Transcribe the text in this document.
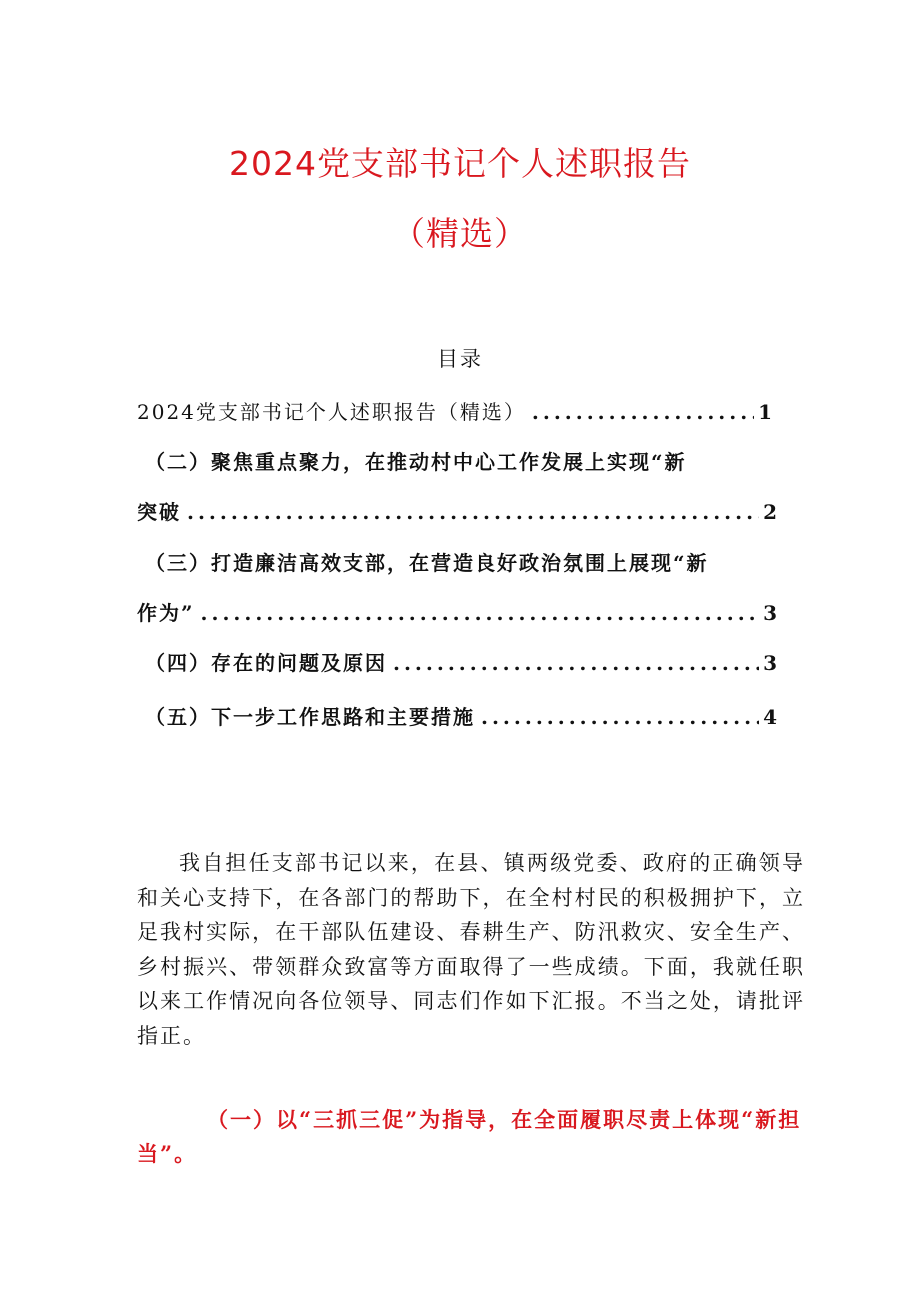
2024党支部书记个人述职报告
（精选）
目录
2024党支部书记个人述职报告（精选） .....	1
（二）聚焦重点聚力，在推动村中心工作发展上实现“新
突破 .....	2
（三）打造廉洁高效支部，在营造良好政治氛围上展现“新
作为” .....	3
（四）存在的问题及原因 .....	3
（五）下一步工作思路和主要措施 .....	4
我自担任支部书记以来，在县、镇两级党委、政府的正确领导和关心支持下，在各部门的帮助下，在全村村民的积极拥护下，立足我村实际，在干部队伍建设、春耕生产、防汛救灾、安全生产、乡村振兴、带领群众致富等方面取得了一些成绩。下面，我就任职以来工作情况向各位领导、同志们作如下汇报。不当之处，请批评指正。
（一）以“三抓三促”为指导，在全面履职尽责上体现“新担当”。
